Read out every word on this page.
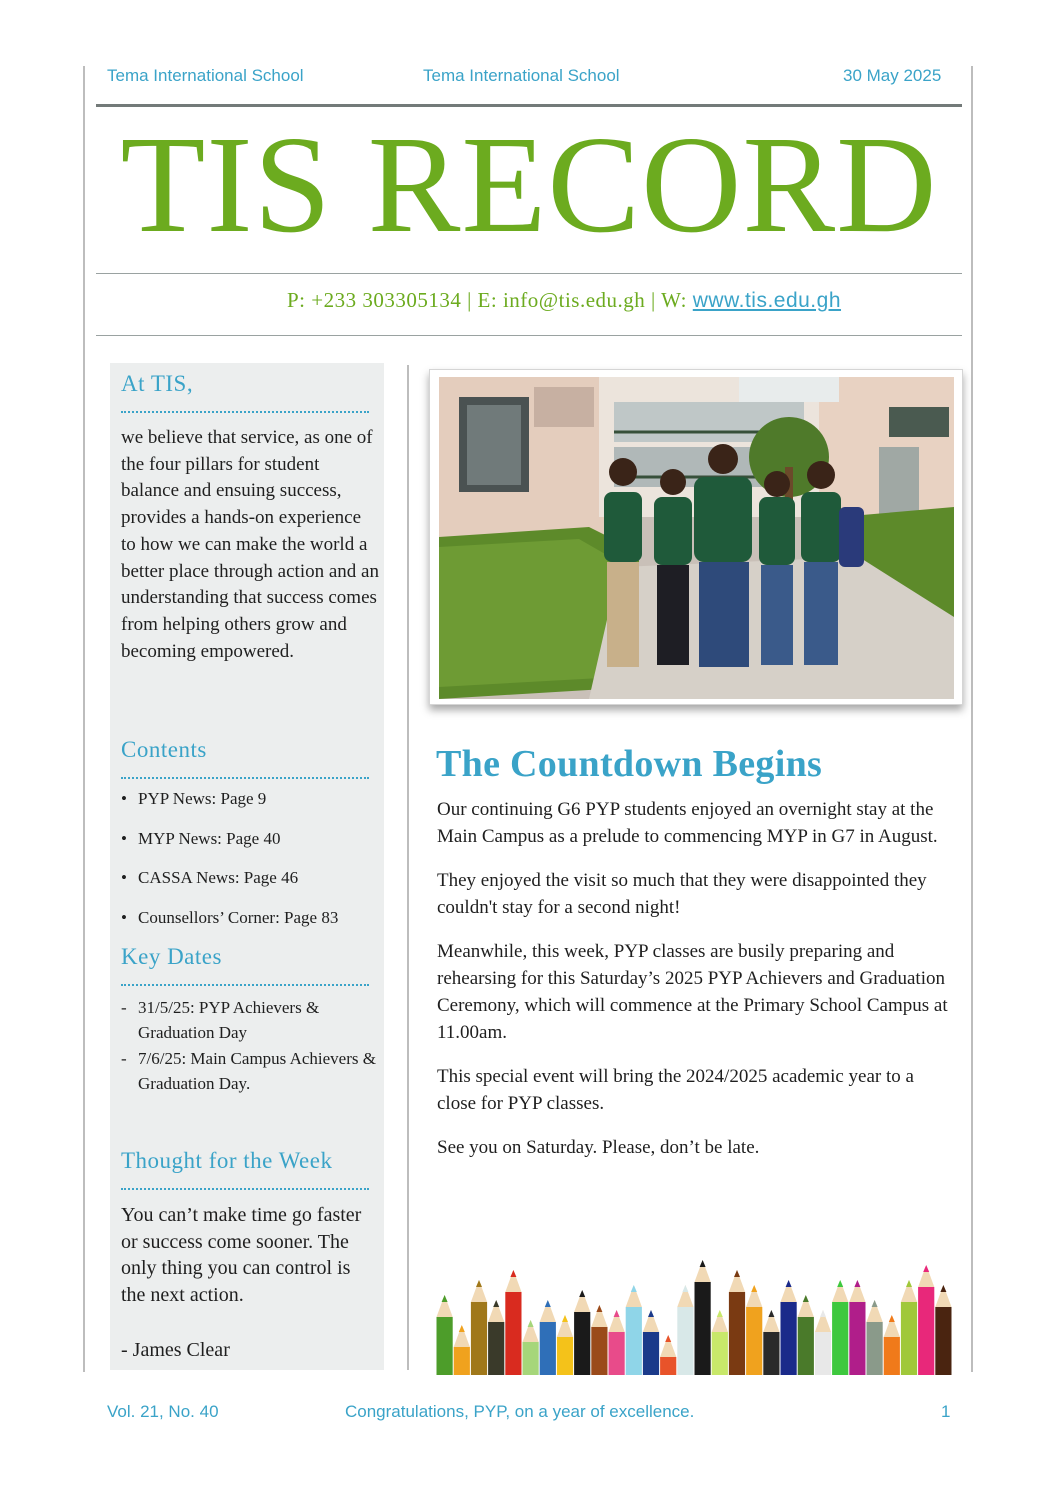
Tema International School	Tema International School	30 May 2025
TIS RECORD
P: +233 303305134 | E: info@tis.edu.gh | W: www.tis.edu.gh
At TIS,
we believe that service, as one of the four pillars for student balance and ensuing success, provides a hands-on experience to how we can make the world a better place through action and an understanding that success comes from helping others grow and becoming empowered.
Contents
• PYP News: Page 9
• MYP News: Page 40
• CASSA News: Page 46
• Counsellors’ Corner: Page 83
Key Dates
- 31/5/25: PYP Achievers & Graduation Day
- 7/6/25: Main Campus Achievers & Graduation Day.
Thought for the Week
You can’t make time go faster or success come sooner. The only thing you can control is the next action.
- James Clear
The Countdown Begins

Our continuing G6 PYP students enjoyed an overnight stay at the Main Campus as a prelude to commencing MYP in G7 in August.

They enjoyed the visit so much that they were disappointed they couldn't stay for a second night!

Meanwhile, this week, PYP classes are busily preparing and rehearsing for this Saturday’s 2025 PYP Achievers and Graduation Ceremony, which will commence at the Primary School Campus at 11.00am.

This special event will bring the 2024/2025 academic year to a close for PYP classes.

See you on Saturday. Please, don’t be late.

Vol. 21, No. 40	Congratulations, PYP, on a year of excellence.	1
